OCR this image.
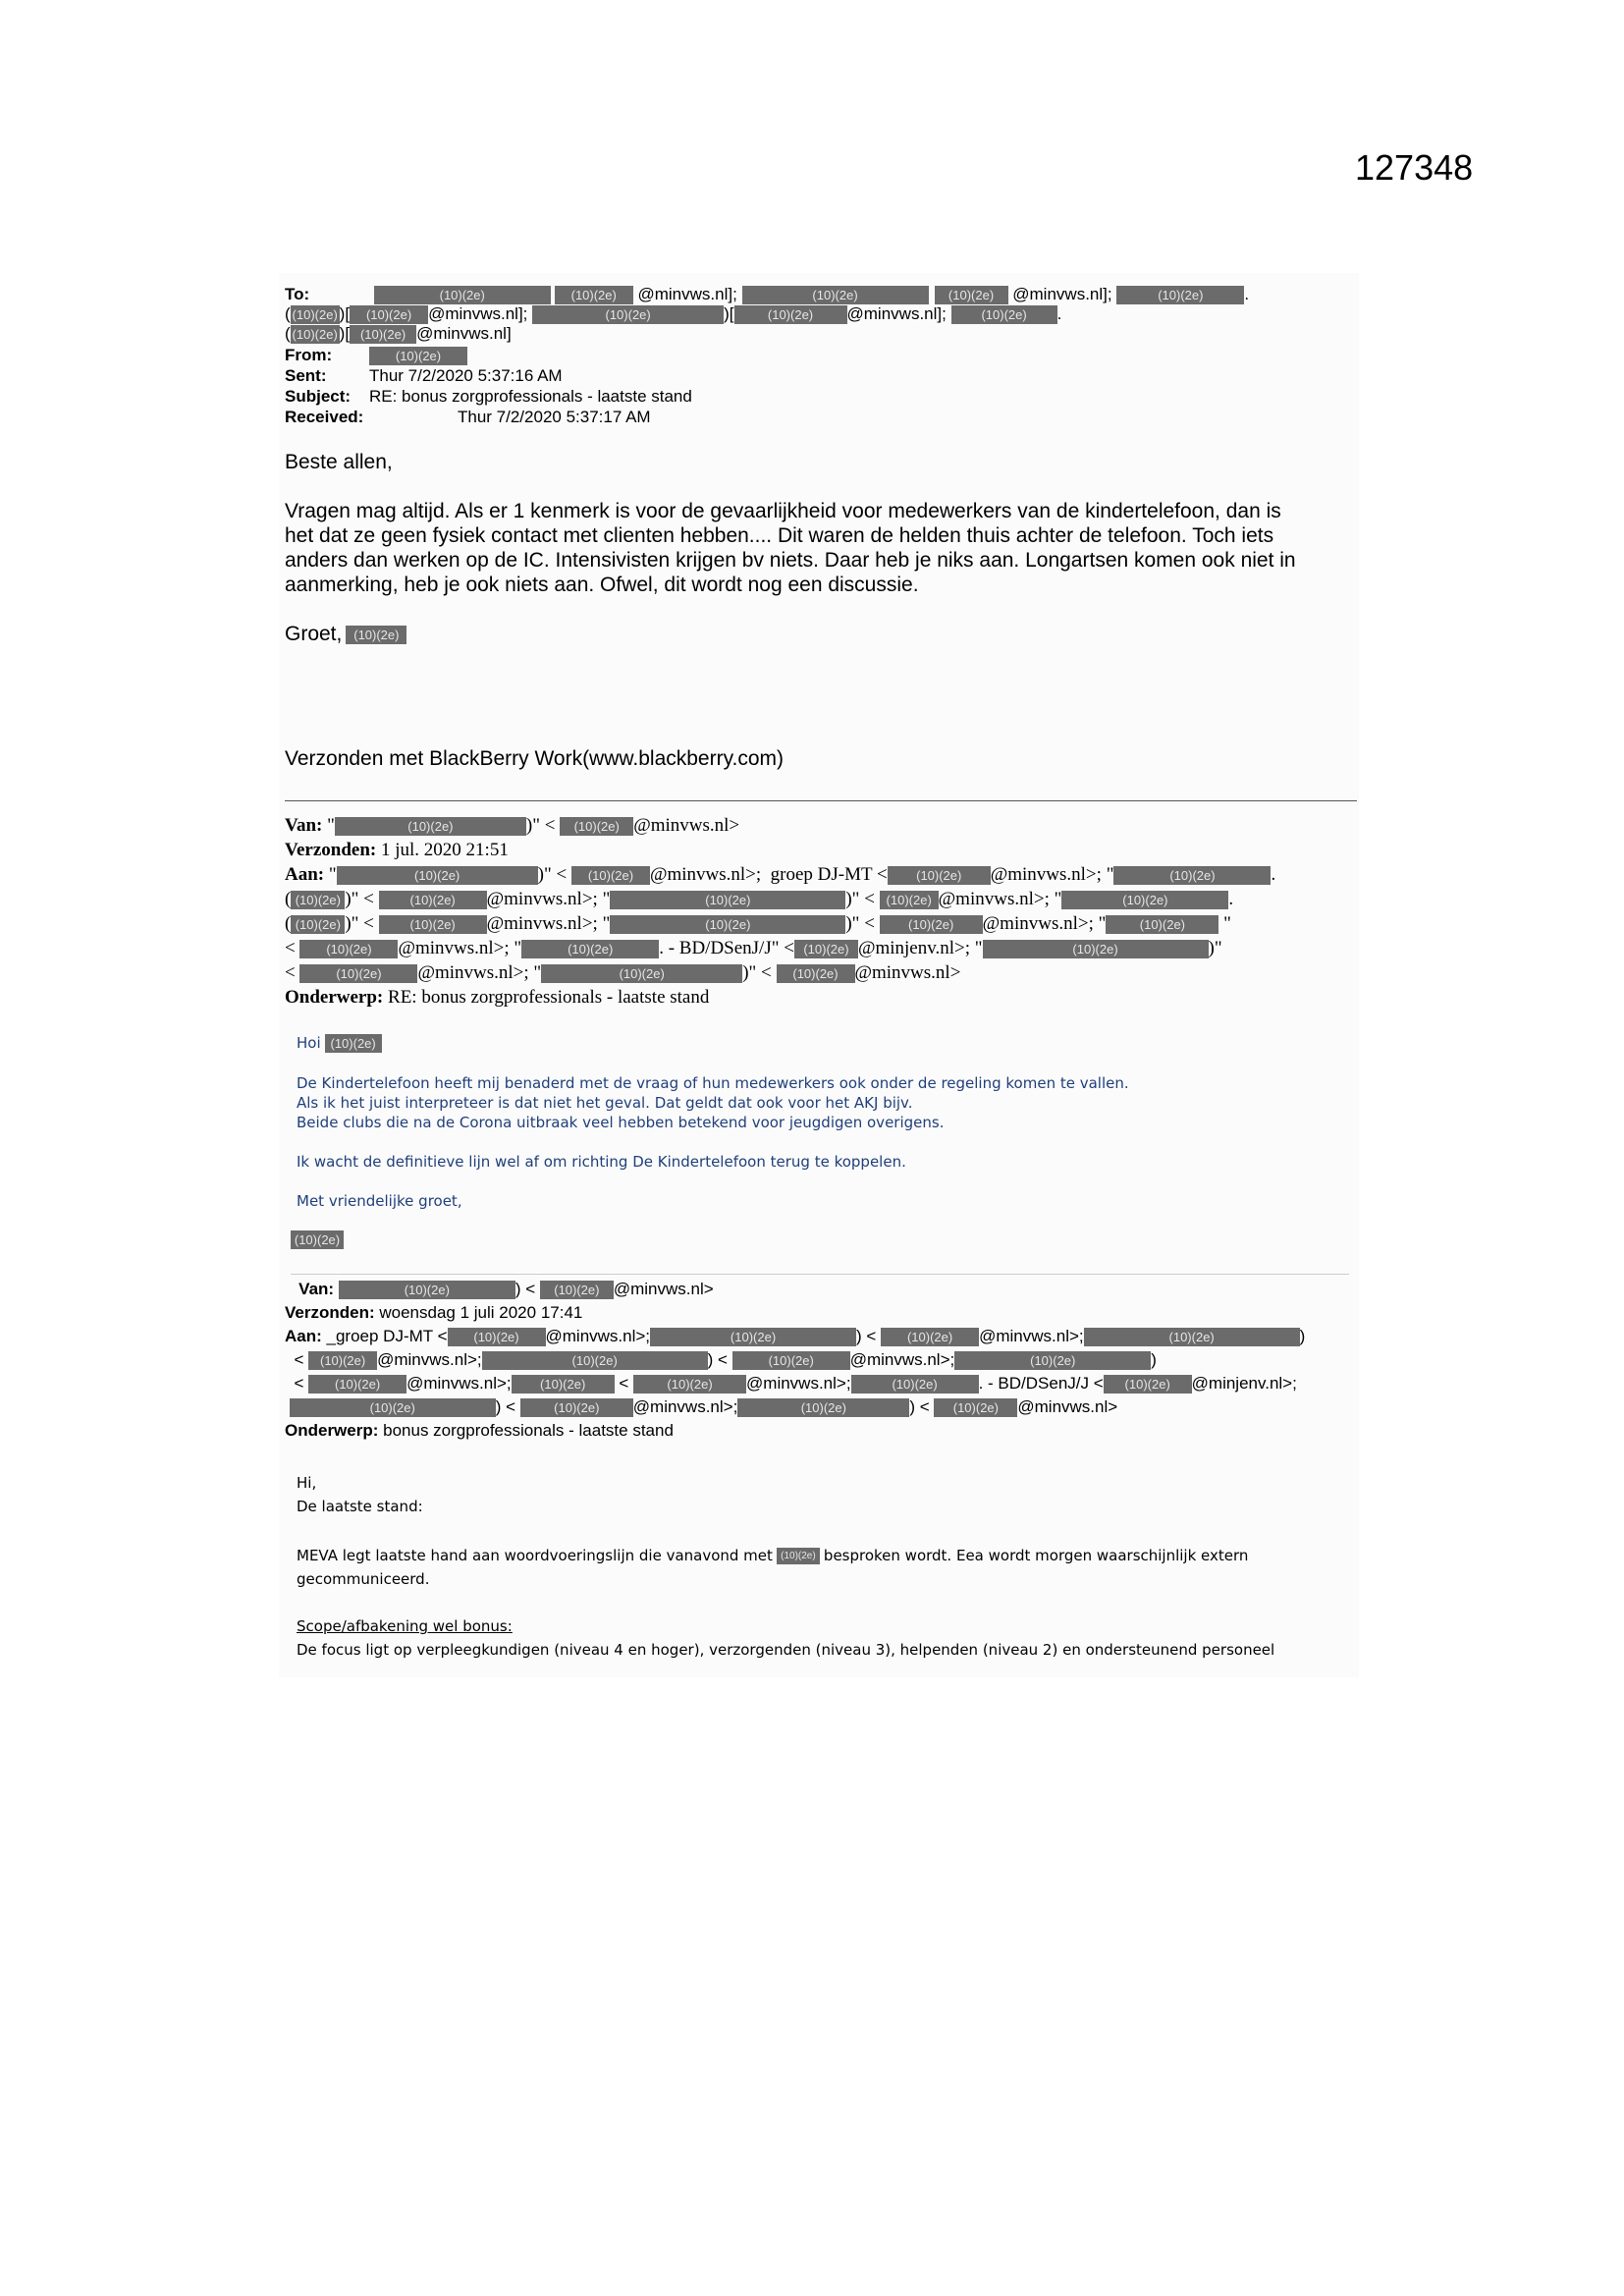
127348
To:	(10)(2e)	(10)(2e) @minvws.nl];	(10)(2e)	(10)(2e) @minvws.nl];	(10)(2e) .
( (10)(2e) )[ (10)(2e) @minvws.nl];	(10)(2e)	)[	(10)(2e) @minvws.nl];	(10)(2e) .
( (10)(2e) )[ (10)(2e) @minvws.nl]
From:	(10)(2e)
Sent:	Thur 7/2/2020 5:37:16 AM
Subject: RE: bonus zorgprofessionals - laatste stand
Received:	Thur 7/2/2020 5:37:17 AM
Beste allen,
Vragen mag altijd. Als er 1 kenmerk is voor de gevaarlijkheid voor medewerkers van de kindertelefoon, dan is
het dat ze geen fysiek contact met clienten hebben.... Dit waren de helden thuis achter de telefoon. Toch iets
anders dan werken op de IC. Intensivisten krijgen bv niets. Daar heb je niks aan. Longartsen komen ook niet in
aanmerking, heb je ook niets aan. Ofwel, dit wordt nog een discussie.
Groet, (10)(2e)
Verzonden met BlackBerry Work(www.blackberry.com)
Van: "	(10)(2e)	)" < (10)(2e) @minvws.nl>
Verzonden: 1 jul. 2020 21:51
Aan: "	(10)(2e)	)" < (10)(2e) @minvws.nl>; groep DJ-MT < (10)(2e) @minvws.nl>; "	(10)(2e)	.
( (10)(2e) )" < (10)(2e) @minvws.nl>; "	(10)(2e)	)" < (10)(2e) @minvws.nl>; "	(10)(2e)	.
( (10)(2e) )" < (10)(2e) @minvws.nl>; "	(10)(2e)	)" < (10)(2e) @minvws.nl>; "	(10)(2e) "
< (10)(2e) @minvws.nl>; "	(10)(2e) . - BD/DSenJ/J" < (10)(2e) @minjenv.nl>; "	(10)(2e)	)"
<	(10)(2e) @minvws.nl>; "	(10)(2e)	)" < (10)(2e) @minvws.nl>
Onderwerp: RE: bonus zorgprofessionals - laatste stand
Hoi (10)(2e)
De Kindertelefoon heeft mij benaderd met de vraag of hun medewerkers ook onder de regeling komen te vallen.
Als ik het juist interpreteer is dat niet het geval. Dat geldt dat ook voor het AKJ bijv.
Beide clubs die na de Corona uitbraak veel hebben betekend voor jeugdigen overigens.
Ik wacht de definitieve lijn wel af om richting De Kindertelefoon terug te koppelen.
Met vriendelijke groet,
(10)(2e)
Van:	(10)(2e)	) < (10)(2e) @minvws.nl>
Verzonden: woensdag 1 juli 2020 17:41
Aan: _groep DJ-MT < (10)(2e) @minvws.nl>;	(10)(2e)	) < (10)(2e) @minvws.nl>;	(10)(2e)	)
< (10)(2e) @minvws.nl>;	(10)(2e)	) <	(10)(2e) @minvws.nl>;	(10)(2e)	)
< (10)(2e) @minvws.nl>; (10)(2e) <	(10)(2e) @minvws.nl>;	(10)(2e) . - BD/DSenJ/J < (10)(2e) @minjenv.nl>;
(10)(2e)	) <	(10)(2e) @minvws.nl>;	(10)(2e)	) < (10)(2e) @minvws.nl>
Onderwerp: bonus zorgprofessionals - laatste stand
Hi,
De laatste stand:
MEVA legt laatste hand aan woordvoeringslijn die vanavond met (10)(2e) besproken wordt. Eea wordt morgen waarschijnlijk extern
gecommuniceerd.
Scope/afbakening wel bonus:
De focus ligt op verpleegkundigen (niveau 4 en hoger), verzorgenden (niveau 3), helpenden (niveau 2) en ondersteunend personeel
